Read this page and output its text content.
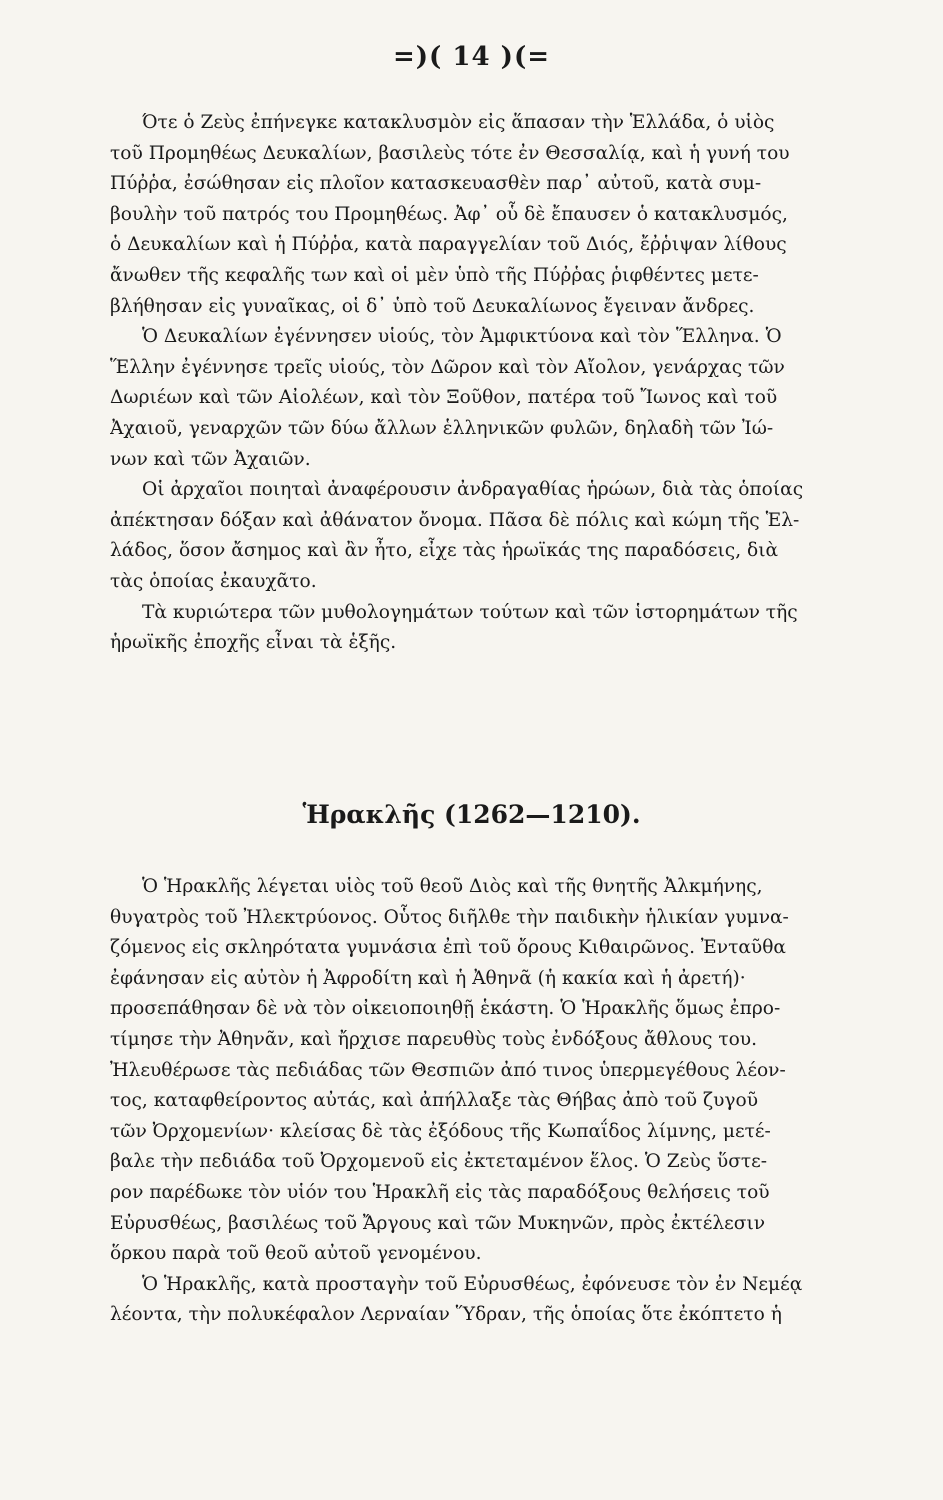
=)( 14 )(=
Ότε ὁ Ζεὺς ἐπήνεγκε κατακλυσμὸν εἰς ἅπασαν τὴν Ἑλλάδα, ὁ υἱὸς
τοῦ Προμηθέως Δευκαλίων, βασιλεὺς τότε ἐν Θεσσαλίᾳ, καὶ ἡ γυνή του
Πύῤῥα, ἐσώθησαν εἰς πλοῖον κατασκευασθὲν παρ᾽ αὐτοῦ, κατὰ συμ-
βουλὴν τοῦ πατρός του Προμηθέως. Ἀφ᾽ οὗ δὲ ἔπαυσεν ὁ κατακλυσμός,
ὁ Δευκαλίων καὶ ἡ Πύῤῥα, κατὰ παραγγελίαν τοῦ Διός, ἔῤῥιψαν λίθους
ἄνωθεν τῆς κεφαλῆς των καὶ οἱ μὲν ὑπὸ τῆς Πύῤῥας ῥιφθέντες μετε-
βλήθησαν εἰς γυναῖκας, οἱ δ᾽ ὑπὸ τοῦ Δευκαλίωνος ἔγειναν ἄνδρες.
Ὁ Δευκαλίων ἐγέννησεν υἱούς, τὸν Ἀμφικτύονα καὶ τὸν Ἕλληνα. Ὁ
Ἕλλην ἐγέννησε τρεῖς υἱούς, τὸν Δῶρον καὶ τὸν Αἴολον, γενάρχας τῶν
Δωριέων καὶ τῶν Αἰολέων, καὶ τὸν Ξοῦθον, πατέρα τοῦ Ἴωνος καὶ τοῦ
Ἀχαιοῦ, γεναρχῶν τῶν δύω ἄλλων ἑλληνικῶν φυλῶν, δηλαδὴ τῶν Ἰώ-
νων καὶ τῶν Ἀχαιῶν.
Οἱ ἀρχαῖοι ποιηταὶ ἀναφέρουσιν ἀνδραγαθίας ἡρώων, διὰ τὰς ὁποίας
ἀπέκτησαν δόξαν καὶ ἀθάνατον ὄνομα. Πᾶσα δὲ πόλις καὶ κώμη τῆς Ἑλ-
λάδος, ὅσον ἄσημος καὶ ἂν ἦτο, εἶχε τὰς ἡρωϊκάς της παραδόσεις, διὰ
τὰς ὁποίας ἐκαυχᾶτο.
Τὰ κυριώτερα τῶν μυθολογημάτων τούτων καὶ τῶν ἱστορημάτων τῆς
ἡρωϊκῆς ἐποχῆς εἶναι τὰ ἑξῆς.
Ἡρακλῆς (1262—1210).
Ὁ Ἡρακλῆς λέγεται υἱὸς τοῦ θεοῦ Διὸς καὶ τῆς θνητῆς Ἀλκμήνης,
θυγατρὸς τοῦ Ἠλεκτρύονος. Οὗτος διῆλθε τὴν παιδικὴν ἡλικίαν γυμνα-
ζόμενος εἰς σκληρότατα γυμνάσια ἐπὶ τοῦ ὄρους Κιθαιρῶνος. Ἐνταῦθα
ἐφάνησαν εἰς αὐτὸν ἡ Ἀφροδίτη καὶ ἡ Ἀθηνᾶ (ἡ κακία καὶ ἡ ἀρετή)·
προσεπάθησαν δὲ νὰ τὸν οἰκειοποιηθῇ ἑκάστη. Ὁ Ἡρακλῆς ὅμως ἐπρο-
τίμησε τὴν Ἀθηνᾶν, καὶ ἤρχισε παρευθὺς τοὺς ἐνδόξους ἄθλους του.
Ἠλευθέρωσε τὰς πεδιάδας τῶν Θεσπιῶν ἀπό τινος ὑπερμεγέθους λέον-
τος, καταφθείροντος αὐτάς, καὶ ἀπήλλαξε τὰς Θήβας ἀπὸ τοῦ ζυγοῦ
τῶν Ὀρχομενίων· κλείσας δὲ τὰς ἐξόδους τῆς Κωπαΐδος λίμνης, μετέ-
βαλε τὴν πεδιάδα τοῦ Ὀρχομενοῦ εἰς ἐκτεταμένον ἕλος. Ὁ Ζεὺς ὕστε-
ρον παρέδωκε τὸν υἱόν του Ἡρακλῆ εἰς τὰς παραδόξους θελήσεις τοῦ
Εὐρυσθέως, βασιλέως τοῦ Ἄργους καὶ τῶν Μυκηνῶν, πρὸς ἐκτέλεσιν
ὅρκου παρὰ τοῦ θεοῦ αὐτοῦ γενομένου.
Ὁ Ἡρακλῆς, κατὰ προσταγὴν τοῦ Εὐρυσθέως, ἐφόνευσε τὸν ἐν Νεμέᾳ
λέοντα, τὴν πολυκέφαλον Λερναίαν Ὕδραν, τῆς ὁποίας ὅτε ἐκόπτετο ἡ
